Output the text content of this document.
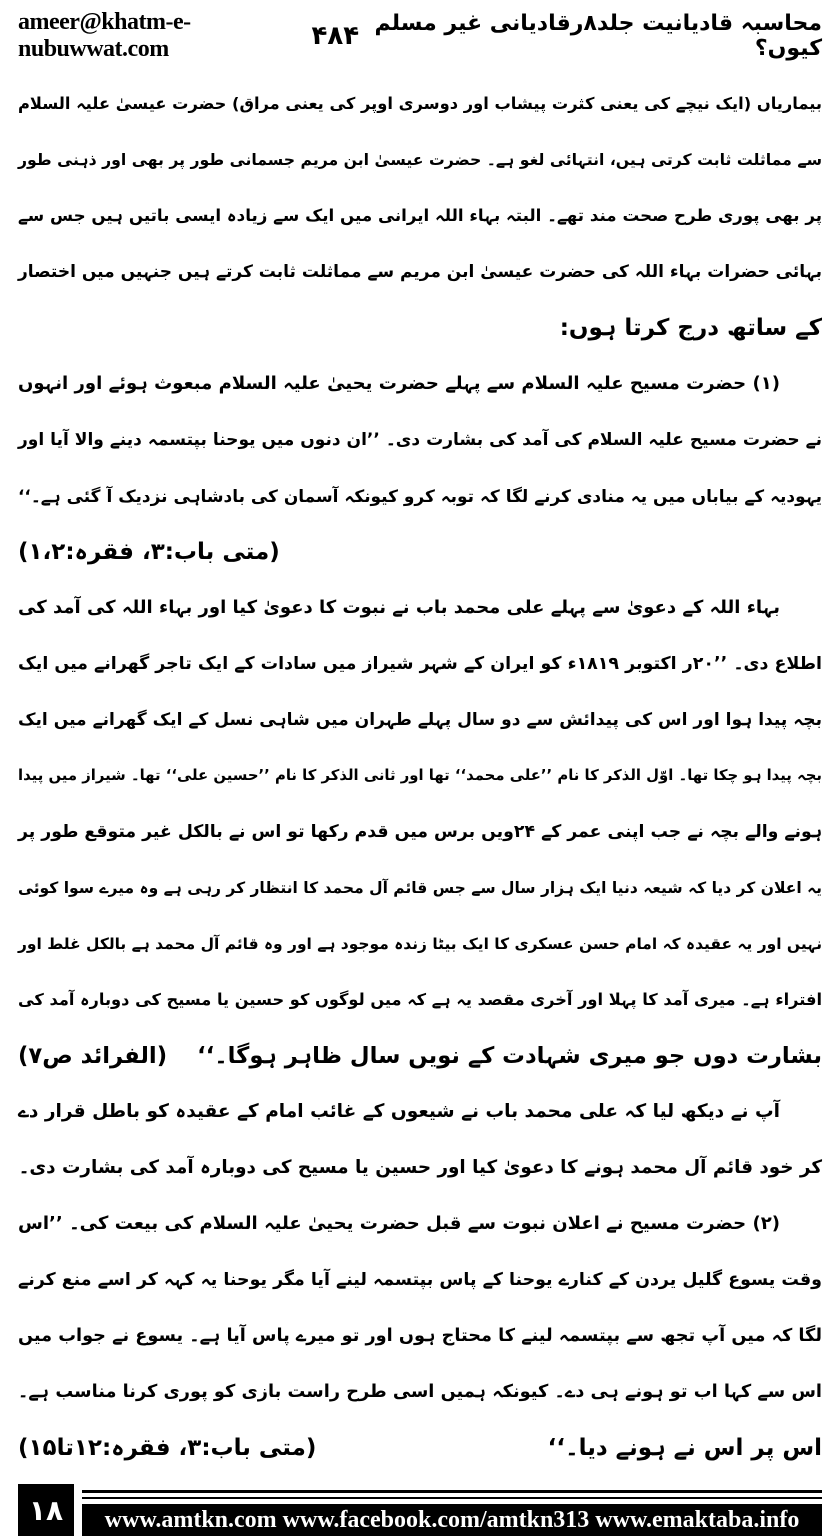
ameer@khatm-e-nubuwwat.com	۴۸۴ محاسبہ قادیانیت جلد۸رقادیانی غیر مسلم کیوں؟
بیماریاں (ایک نیچے کی یعنی کثرت پیشاب اور دوسری اوپر کی یعنی مراق) حضرت عیسیٰ علیہ السلام
سے مماثلت ثابت کرتی ہیں، انتہائی لغو ہے۔ حضرت عیسیٰ ابن مریم جسمانی طور پر بھی اور ذہنی طور
پر بھی پوری طرح صحت مند تھے۔ البتہ بہاء اللہ ایرانی میں ایک سے زیادہ ایسی باتیں ہیں جس سے
بہائی حضرات بہاء اللہ کی حضرت عیسیٰ ابن مریم سے مماثلت ثابت کرتے ہیں جنہیں میں اختصار
کے ساتھ درج کرتا ہوں:
(۱) حضرت مسیح علیہ السلام سے پہلے حضرت یحییٰ علیہ السلام مبعوث ہوئے اور انہوں
نے حضرت مسیح علیہ السلام کی آمد کی بشارت دی۔ ’’ان دنوں میں یوحنا بپتسمہ دینے والا آیا اور
یہودیہ کے بیاباں میں یہ منادی کرنے لگا کہ توبہ کرو کیونکہ آسمان کی بادشاہی نزدیک آ گئی ہے۔‘‘
(متی باب:۳، فقرہ:۱،۲)
بہاء اللہ کے دعویٰ سے پہلے علی محمد باب نے نبوت کا دعویٰ کیا اور بہاء اللہ کی آمد کی
اطلاع دی۔ ’’۲۰ر اکتوبر ۱۸۱۹ء کو ایران کے شہر شیراز میں سادات کے ایک تاجر گھرانے میں ایک
بچہ پیدا ہوا اور اس کی پیدائش سے دو سال پہلے طہران میں شاہی نسل کے ایک گھرانے میں ایک
بچہ پیدا ہو چکا تھا۔ اوّل الذکر کا نام ’’علی محمد‘‘ تھا اور ثانی الذکر کا نام ’’حسین علی‘‘ تھا۔ شیراز میں پیدا
ہونے والے بچہ نے جب اپنی عمر کے ۲۴ویں برس میں قدم رکھا تو اس نے بالکل غیر متوقع طور پر
یہ اعلان کر دیا کہ شیعہ دنیا ایک ہزار سال سے جس قائم آل محمد کا انتظار کر رہی ہے وہ میرے سوا کوئی
نہیں اور یہ عقیدہ کہ امام حسن عسکری کا ایک بیٹا زندہ موجود ہے اور وہ قائم آل محمد ہے بالکل غلط اور
افتراء ہے۔ میری آمد کا پہلا اور آخری مقصد یہ ہے کہ میں لوگوں کو حسین یا مسیح کی دوبارہ آمد کی
بشارت دوں جو میری شہادت کے نویں سال ظاہر ہوگا۔‘‘
(الفرائد ص۷)
آپ نے دیکھ لیا کہ علی محمد باب نے شیعوں کے غائب امام کے عقیدہ کو باطل قرار دے
کر خود قائم آل محمد ہونے کا دعویٰ کیا اور حسین یا مسیح کی دوبارہ آمد کی بشارت دی۔
(۲) حضرت مسیح نے اعلان نبوت سے قبل حضرت یحییٰ علیہ السلام کی بیعت کی۔ ’’اس
وقت یسوع گلیل یردن کے کنارے یوحنا کے پاس بپتسمہ لینے آیا مگر یوحنا یہ کہہ کر اسے منع کرنے
لگا کہ میں آپ تجھ سے بپتسمہ لینے کا محتاج ہوں اور تو میرے پاس آیا ہے۔ یسوع نے جواب میں
اس سے کہا اب تو ہونے ہی دے۔ کیونکہ ہمیں اسی طرح راست بازی کو پوری کرنا مناسب ہے۔
اس پر اس نے ہونے دیا۔‘‘
(متی باب:۳، فقرہ:۱۲تا۱۵)
۱۸	www.amtkn.com www.facebook.com/amtkn313 www.emaktaba.info
